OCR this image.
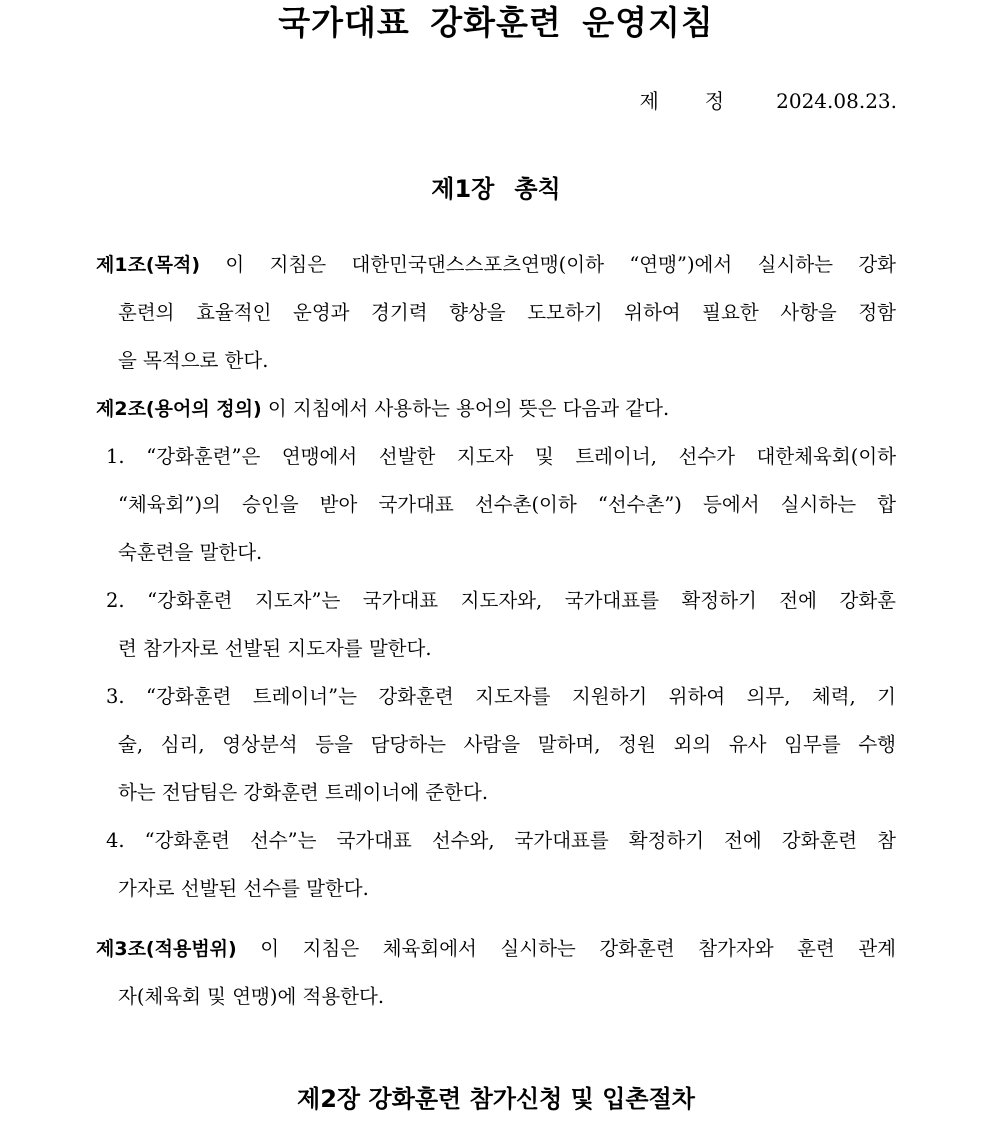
국가대표 강화훈련 운영지침
제 정	2024.08.23.
제1장 총칙
제1조(목적) 이 지침은 대한민국댄스스포츠연맹(이하 “연맹”)에서 실시하는 강화
훈련의 효율적인 운영과 경기력 향상을 도모하기 위하여 필요한 사항을 정함
을 목적으로 한다.
제2조(용어의 정의) 이 지침에서 사용하는 용어의 뜻은 다음과 같다.
1. “강화훈련”은 연맹에서 선발한 지도자 및 트레이너, 선수가 대한체육회(이하
“체육회”)의 승인을 받아 국가대표 선수촌(이하 “선수촌”) 등에서 실시하는 합
숙훈련을 말한다.
2. “강화훈련 지도자”는 국가대표 지도자와, 국가대표를 확정하기 전에 강화훈
련 참가자로 선발된 지도자를 말한다.
3. “강화훈련 트레이너”는 강화훈련 지도자를 지원하기 위하여 의무, 체력, 기
술, 심리, 영상분석 등을 담당하는 사람을 말하며, 정원 외의 유사 임무를 수행
하는 전담팀은 강화훈련 트레이너에 준한다.
4. “강화훈련 선수”는 국가대표 선수와, 국가대표를 확정하기 전에 강화훈련 참
가자로 선발된 선수를 말한다.
제3조(적용범위) 이 지침은 체육회에서 실시하는 강화훈련 참가자와 훈련 관계
자(체육회 및 연맹)에 적용한다.
제2장 강화훈련 참가신청 및 입촌절차
